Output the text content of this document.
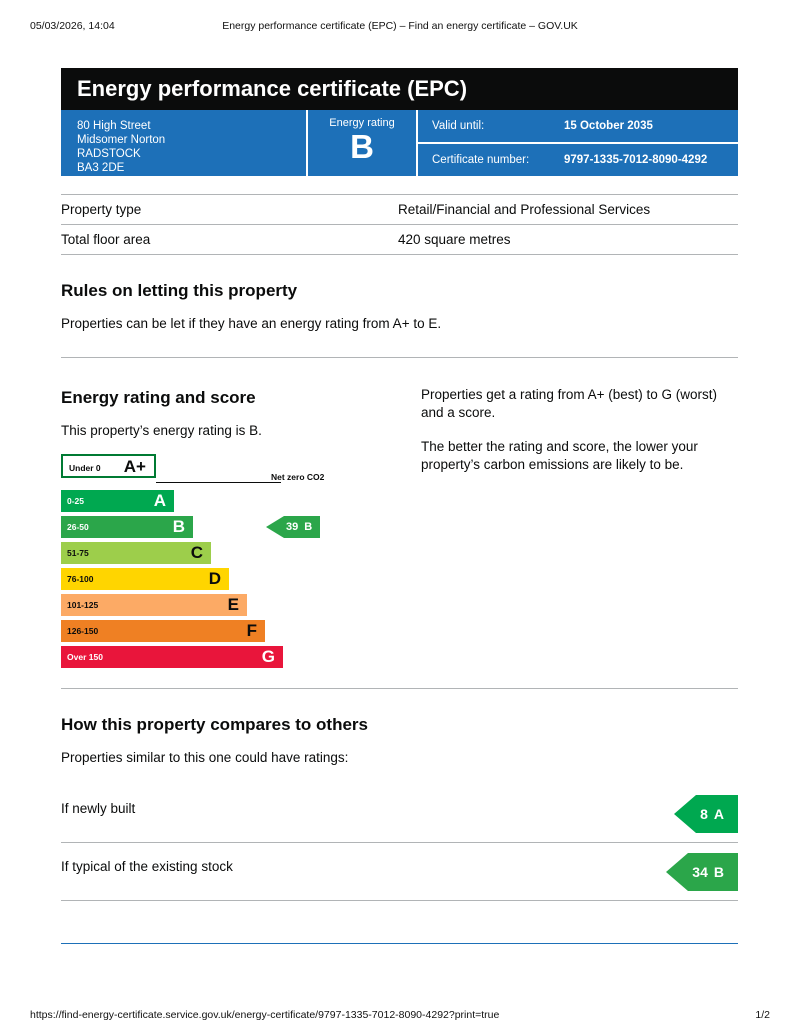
05/03/2026, 14:04	Energy performance certificate (EPC) – Find an energy certificate – GOV.UK
Energy performance certificate (EPC)
80 High Street
Midsomer Norton
RADSTOCK
BA3 2DE
Energy rating
B
Valid until:	15 October 2035
Certificate number:	9797-1335-7012-8090-4292
Property type	Retail/Financial and Professional Services
Total floor area	420 square metres
Rules on letting this property

Properties can be let if they have an energy rating from A+ to E.

Energy rating and score

This property’s energy rating is B.

Under 0 A+
Net zero CO2
0-25	A
26-50	B	39 B
51-75	C
76-100	D
101-125	E
126-150	F
Over 150	G

Properties get a rating from A+ (best) to G (worst) and a score.

The better the rating and score, the lower your property’s carbon emissions are likely to be.

How this property compares to others

Properties similar to this one could have ratings:

If newly built	8 A
If typical of the existing stock	34 B
https://find-energy-certificate.service.gov.uk/energy-certificate/9797-1335-7012-8090-4292?print=true	1/2
